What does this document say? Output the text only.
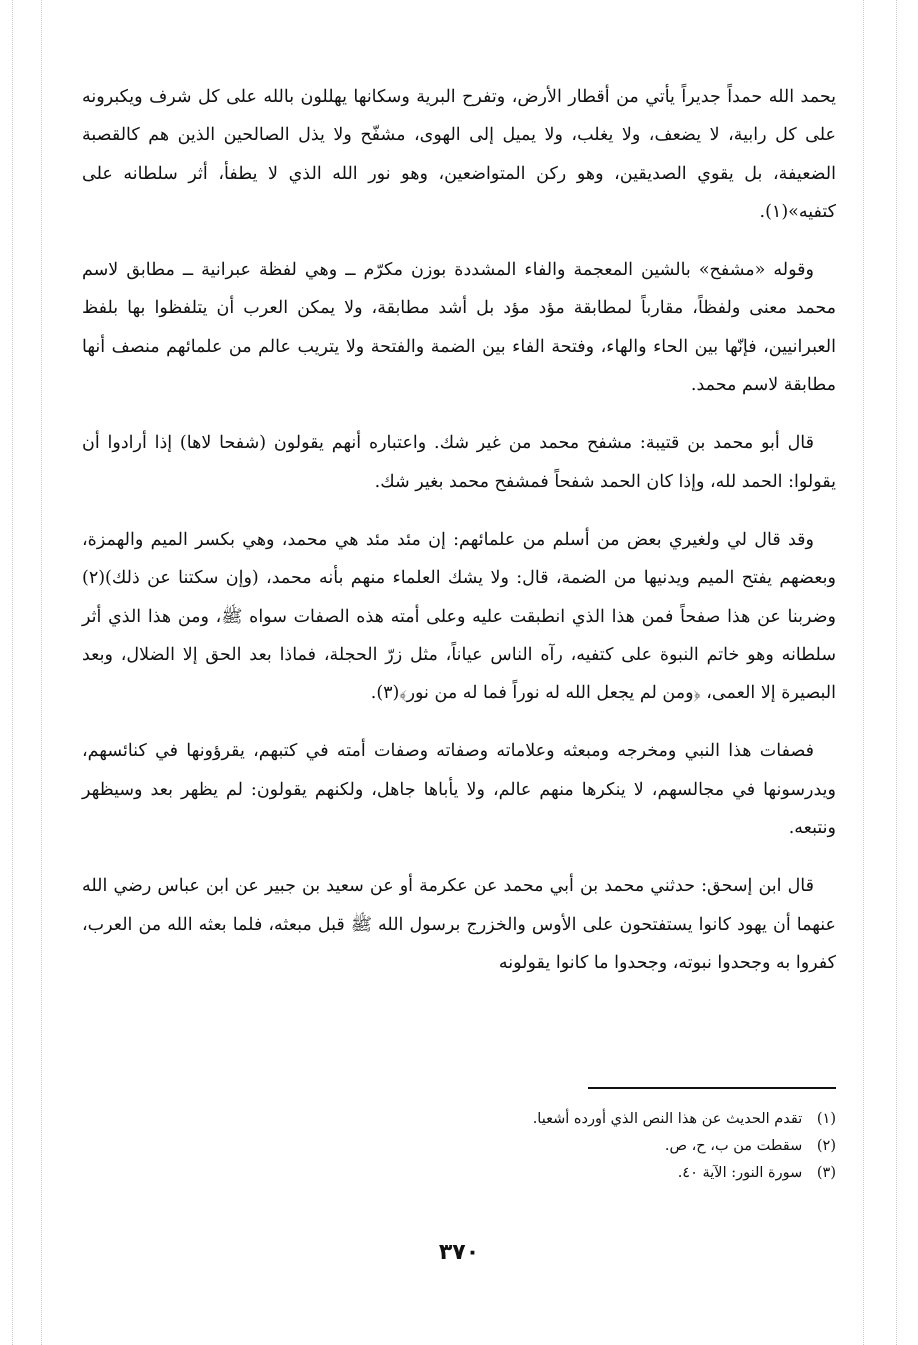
يحمد الله حمداً جديراً يأتي من أقطار الأرض، وتفرح البرية وسكانها يهللون بالله على كل شرف ويكبرونه على كل رابية، لا يضعف، ولا يغلب، ولا يميل إلى الهوى، مشفّح ولا يذل الصالحين الذين هم كالقصبة الضعيفة، بل يقوي الصديقين، وهو ركن المتواضعين، وهو نور الله الذي لا يطفأ، أثر سلطانه على كتفيه»(١).

وقوله «مشفح» بالشين المعجمة والفاء المشددة بوزن مكرّم ــ وهي لفظة عبرانية ــ مطابق لاسم محمد معنى ولفظاً، مقارباً لمطابقة مؤد مؤد بل أشد مطابقة، ولا يمكن العرب أن يتلفظوا بها بلفظ العبرانيين، فإنّها بين الحاء والهاء، وفتحة الفاء بين الضمة والفتحة ولا يتريب عالم من علمائهم منصف أنها مطابقة لاسم محمد.

قال أبو محمد بن قتيبة: مشفح محمد من غير شك. واعتباره أنهم يقولون (شفحا لاها) إذا أرادوا أن يقولوا: الحمد لله، وإذا كان الحمد شفحاً فمشفح محمد بغير شك.

وقد قال لي ولغيري بعض من أسلم من علمائهم: إن مئد مئد هي محمد، وهي بكسر الميم والهمزة، وبعضهم يفتح الميم ويدنيها من الضمة، قال: ولا يشك العلماء منهم بأنه محمد، (وإن سكتنا عن ذلك)(٢) وضربنا عن هذا صفحاً فمن هذا الذي انطبقت عليه وعلى أمته هذه الصفات سواه ﷺ، ومن هذا الذي أثر سلطانه وهو خاتم النبوة على كتفيه، رآه الناس عياناً، مثل زرّ الحجلة، فماذا بعد الحق إلا الضلال، وبعد البصيرة إلا العمى، ﴿ومن لم يجعل الله له نوراً فما له من نور﴾(٣).

فصفات هذا النبي ومخرجه ومبعثه وعلاماته وصفاته وصفات أمته في كتبهم، يقرؤونها في كنائسهم، ويدرسونها في مجالسهم، لا ينكرها منهم عالم، ولا يأباها جاهل، ولكنهم يقولون: لم يظهر بعد وسيظهر ونتبعه.

قال ابن إسحق: حدثني محمد بن أبي محمد عن عكرمة أو عن سعيد بن جبير عن ابن عباس رضي الله عنهما أن يهود كانوا يستفتحون على الأوس والخزرج برسول الله ﷺ قبل مبعثه، فلما بعثه الله من العرب، كفروا به وجحدوا نبوته، وجحدوا ما كانوا يقولونه

(١) تقدم الحديث عن هذا النص الذي أورده أشعيا.

(٢) سقطت من ب، ح، ص.

(٣) سورة النور: الآية ٤٠.

٣٧٠
